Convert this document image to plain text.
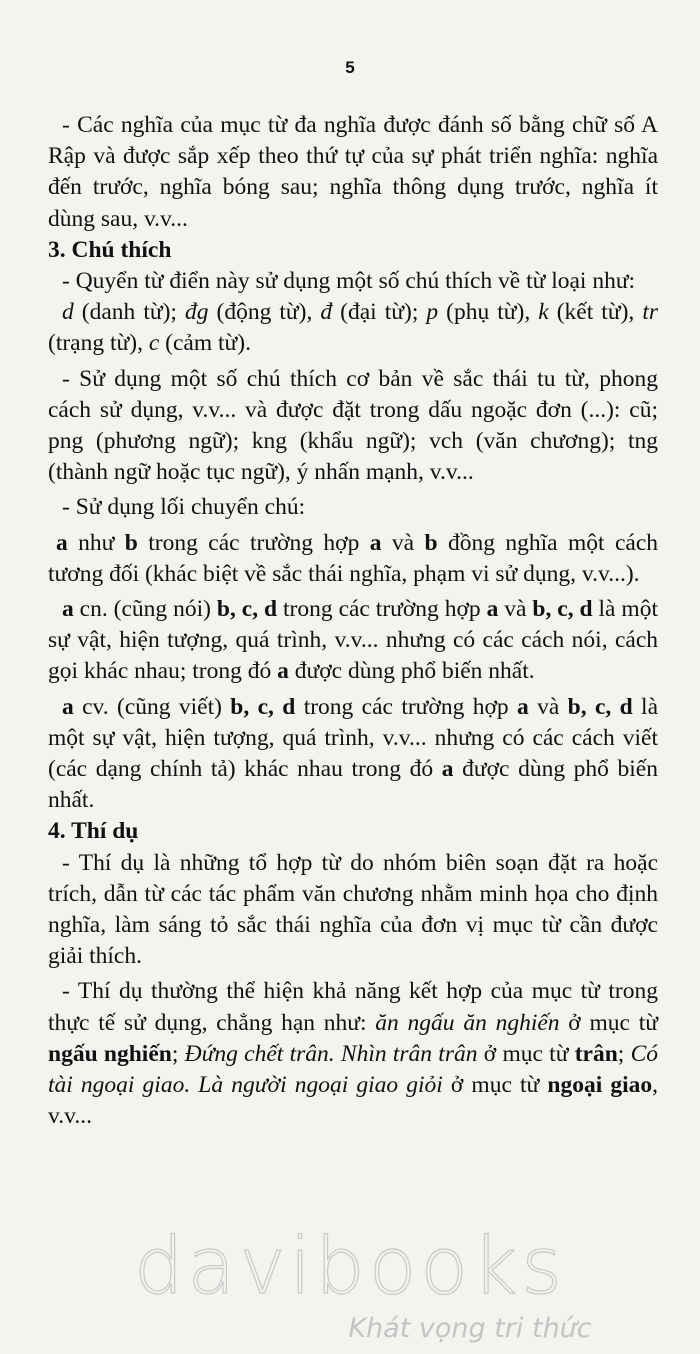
5
- Các nghĩa của mục từ đa nghĩa được đánh số bằng chữ số A Rập và được sắp xếp theo thứ tự của sự phát triển nghĩa: nghĩa đến trước, nghĩa bóng sau; nghĩa thông dụng trước, nghĩa ít dùng sau, v.v...
3. Chú thích
- Quyển từ điển này sử dụng một số chú thích về từ loại như:
d (danh từ); đg (động từ), đ (đại từ); p (phụ từ), k (kết từ), tr (trạng từ), c (cảm từ).
- Sử dụng một số chú thích cơ bản về sắc thái tu từ, phong cách sử dụng, v.v... và được đặt trong dấu ngoặc đơn (...): cũ; png (phương ngữ); kng (khẩu ngữ); vch (văn chương); tng (thành ngữ hoặc tục ngữ), ý nhấn mạnh, v.v...
- Sử dụng lối chuyển chú:
a như b trong các trường hợp a và b đồng nghĩa một cách tương đối (khác biệt về sắc thái nghĩa, phạm vi sử dụng, v.v...).
a cn. (cũng nói) b, c, d trong các trường hợp a và b, c, d là một sự vật, hiện tượng, quá trình, v.v... nhưng có các cách nói, cách gọi khác nhau; trong đó a được dùng phổ biến nhất.
a cv. (cũng viết) b, c, d trong các trường hợp a và b, c, d là một sự vật, hiện tượng, quá trình, v.v... nhưng có các cách viết (các dạng chính tả) khác nhau trong đó a được dùng phổ biến nhất.
4. Thí dụ
- Thí dụ là những tổ hợp từ do nhóm biên soạn đặt ra hoặc trích, dẫn từ các tác phẩm văn chương nhằm minh họa cho định nghĩa, làm sáng tỏ sắc thái nghĩa của đơn vị mục từ cần được giải thích.
- Thí dụ thường thể hiện khả năng kết hợp của mục từ trong thực tế sử dụng, chẳng hạn như: ăn ngấu ăn nghiến ở mục từ ngấu nghiến; Đứng chết trân. Nhìn trân trân ở mục từ trân; Có tài ngoại giao. Là người ngoại giao giỏi ở mục từ ngoại giao, v.v...
davibooks
Khát vọng tri thức
